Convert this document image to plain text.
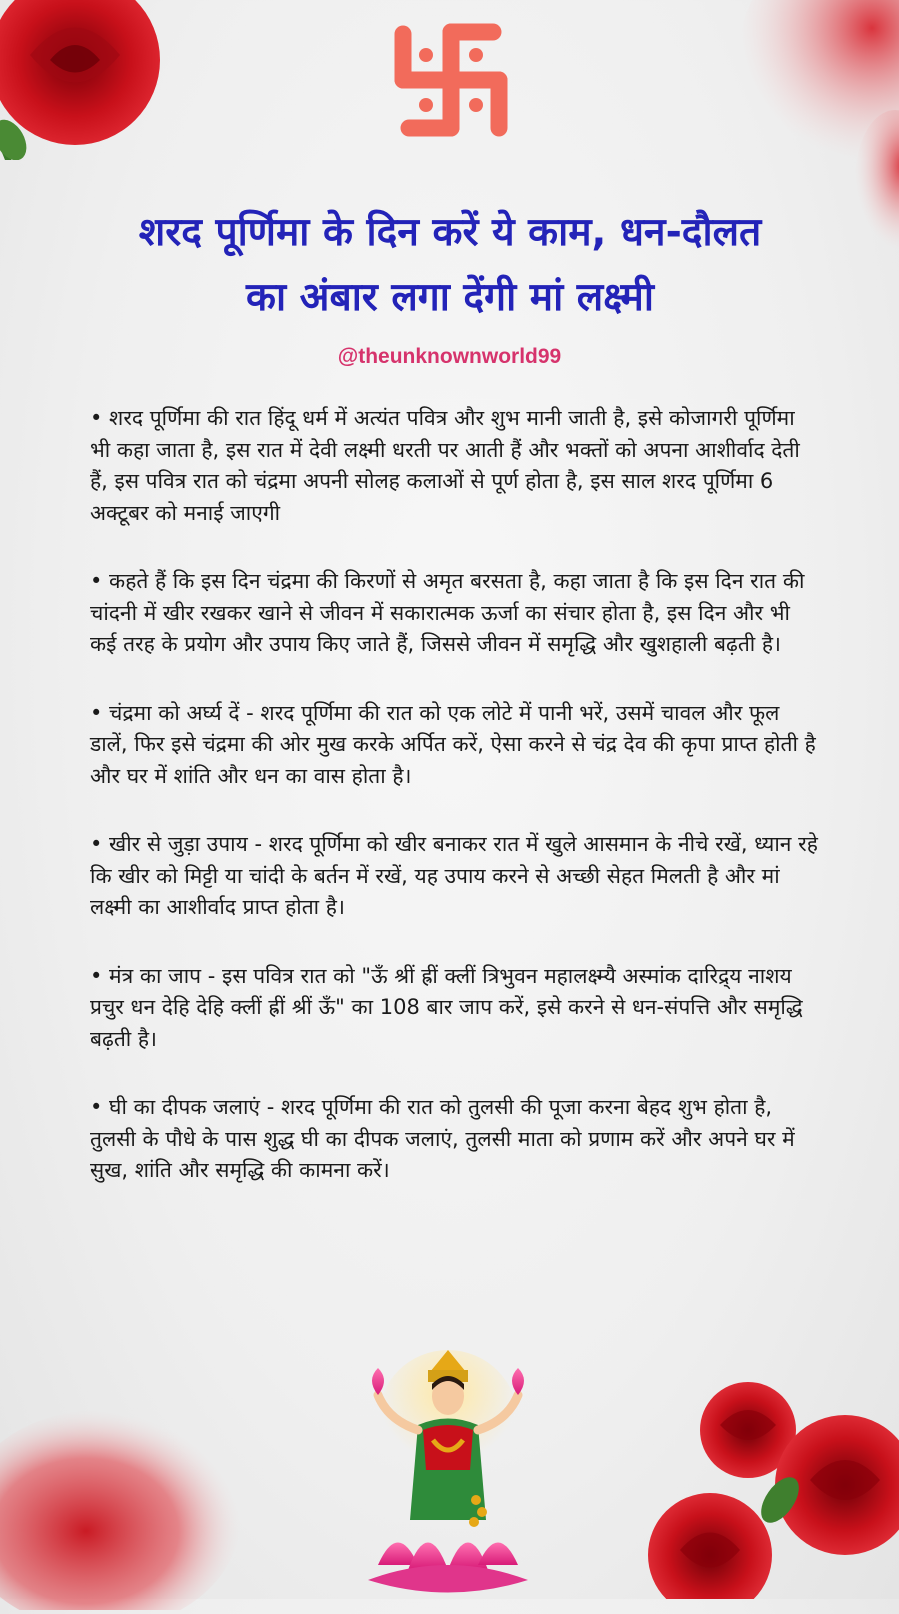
शरद पूर्णिमा के दिन करें ये काम, धन-दौलत
का अंबार लगा देंगी मां लक्ष्मी

@theunknownworld99

• शरद पूर्णिमा की रात हिंदू धर्म में अत्यंत पवित्र और शुभ मानी जाती है, इसे कोजागरी पूर्णिमा भी कहा जाता है, इस रात में देवी लक्ष्मी धरती पर आती हैं और भक्तों को अपना आशीर्वाद देती हैं, इस पवित्र रात को चंद्रमा अपनी सोलह कलाओं से पूर्ण होता है, इस साल शरद पूर्णिमा 6 अक्टूबर को मनाई जाएगी

• कहते हैं कि इस दिन चंद्रमा की किरणों से अमृत बरसता है, कहा जाता है कि इस दिन रात की चांदनी में खीर रखकर खाने से जीवन में सकारात्मक ऊर्जा का संचार होता है, इस दिन और भी कई तरह के प्रयोग और उपाय किए जाते हैं, जिससे जीवन में समृद्धि और खुशहाली बढ़ती है।

• चंद्रमा को अर्घ्य दें - शरद पूर्णिमा की रात को एक लोटे में पानी भरें, उसमें चावल और फूल डालें, फिर इसे चंद्रमा की ओर मुख करके अर्पित करें, ऐसा करने से चंद्र देव की कृपा प्राप्त होती है और घर में शांति और धन का वास होता है।

• खीर से जुड़ा उपाय - शरद पूर्णिमा को खीर बनाकर रात में खुले आसमान के नीचे रखें, ध्यान रहे कि खीर को मिट्टी या चांदी के बर्तन में रखें, यह उपाय करने से अच्छी सेहत मिलती है और मां लक्ष्मी का आशीर्वाद प्राप्त होता है।

• मंत्र का जाप - इस पवित्र रात को "ऊँ श्रीं ह्रीं क्लीं त्रिभुवन महालक्ष्म्यै अस्मांक दारिद्र्य नाशय प्रचुर धन देहि देहि क्लीं ह्रीं श्रीं ऊँ" का 108 बार जाप करें, इसे करने से धन-संपत्ति और समृद्धि बढ़ती है।

• घी का दीपक जलाएं - शरद पूर्णिमा की रात को तुलसी की पूजा करना बेहद शुभ होता है, तुलसी के पौधे के पास शुद्ध घी का दीपक जलाएं, तुलसी माता को प्रणाम करें और अपने घर में सुख, शांति और समृद्धि की कामना करें।
